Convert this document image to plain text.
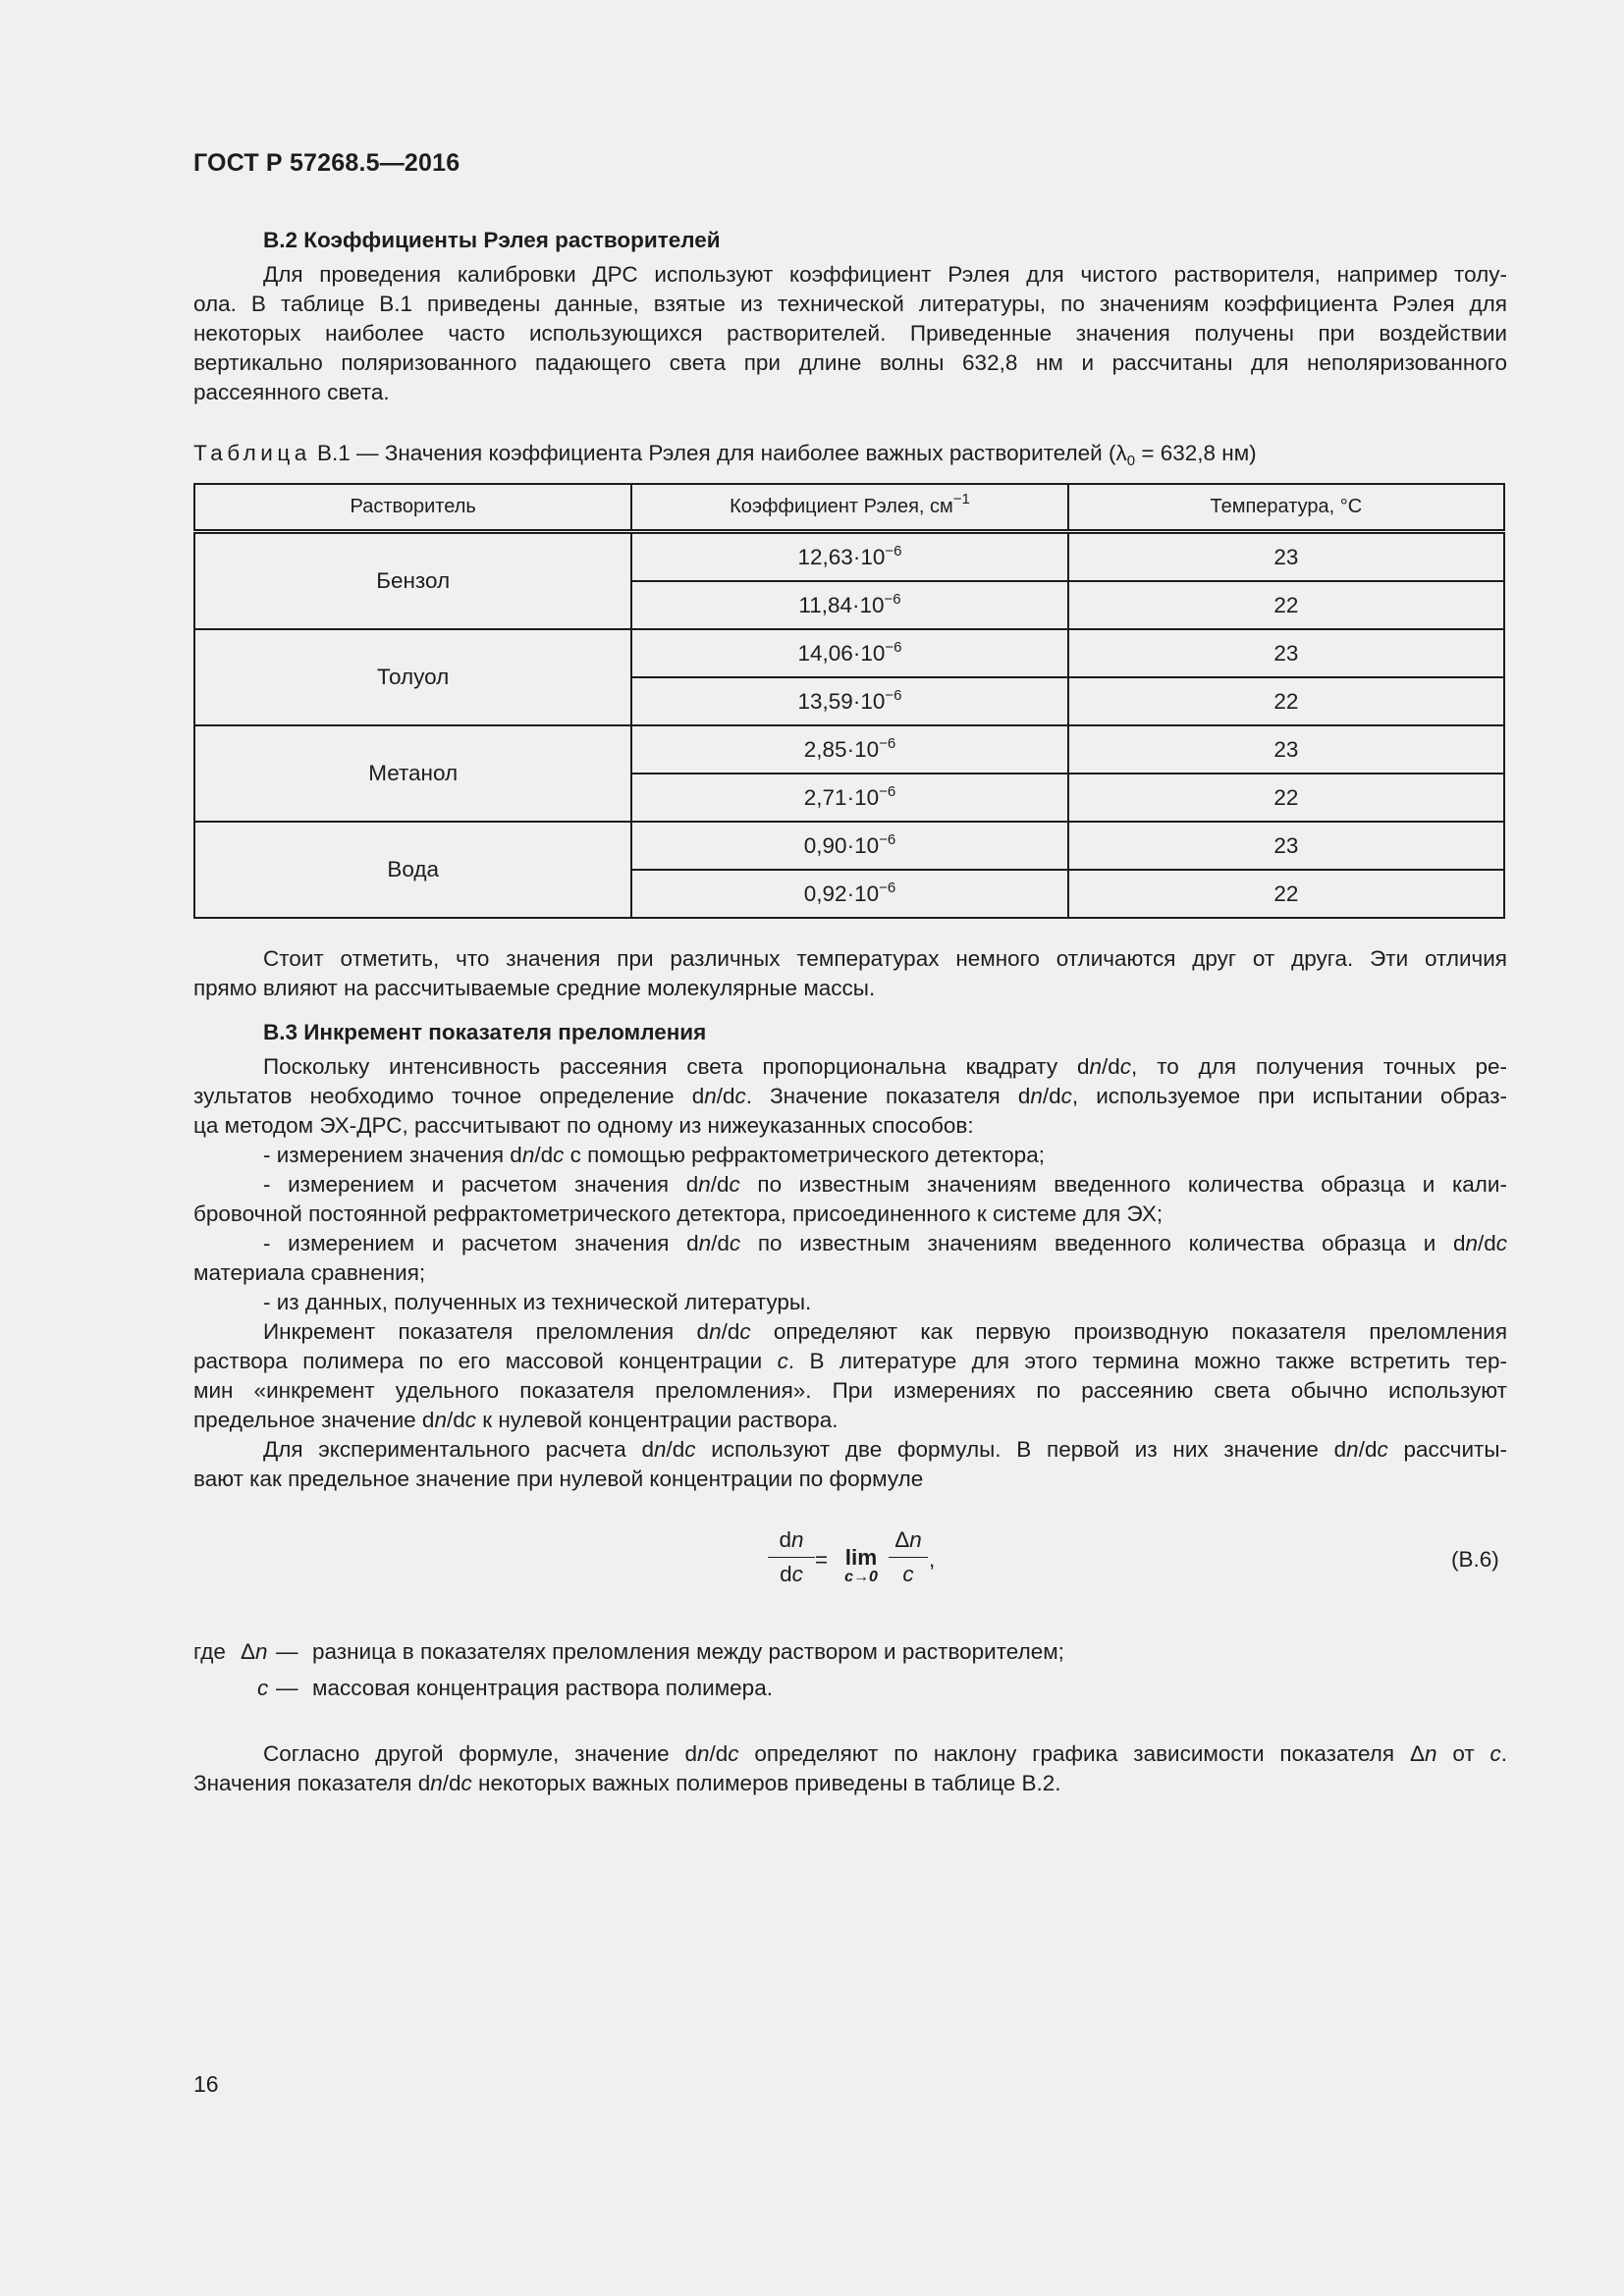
ГОСТ Р 57268.5—2016
В.2 Коэффициенты Рэлея растворителей
Для проведения калибровки ДРС используют коэффициент Рэлея для чистого растворителя, например толу-
ола. В таблице В.1 приведены данные, взятые из технической литературы, по значениям коэффициента Рэлея для
некоторых наиболее часто использующихся растворителей. Приведенные значения получены при воздействии
вертикально поляризованного падающего света при длине волны 632,8 нм и рассчитаны для неполяризованного
рассеянного света.
Таблица В.1 — Значения коэффициента Рэлея для наиболее важных растворителей ($\lambda_0 = 632,8$ нм)
Растворитель	Коэффициент Рэлея, $см^{-1}$	Температура, °С
Бензол	$12,63\cdot 10^{-6}$	23
	$11,84\cdot 10^{-6}$	22
Толуол	$14,06\cdot 10^{-6}$	23
	$13,59\cdot 10^{-6}$	22
Метанол	$2,85\cdot 10^{-6}$	23
	$2,71\cdot 10^{-6}$	22
Вода	$0,90\cdot 10^{-6}$	23
	$0,92\cdot 10^{-6}$	22
Стоит отметить, что значения при различных температурах немного отличаются друг от друга. Эти отличия
прямо влияют на рассчитываемые средние молекулярные массы.
В.3 Инкремент показателя преломления
Поскольку интенсивность рассеяния света пропорциональна квадрату dn/dc, то для получения точных ре-
зультатов необходимо точное определение dn/dc. Значение показателя dn/dc, используемое при испытании образ-
ца методом ЭХ-ДРС, рассчитывают по одному из нижеуказанных способов:
- измерением значения dn/dc с помощью рефрактометрического детектора;
- измерением и расчетом значения dn/dc по известным значениям введенного количества образца и кали-
бровочной постоянной рефрактометрического детектора, присоединенного к системе для ЭХ;
- измерением и расчетом значения dn/dc по известным значениям введенного количества образца и dn/dc
материала сравнения;
- из данных, полученных из технической литературы.
Инкремент показателя преломления dn/dc определяют как первую производную показателя преломления
раствора полимера по его массовой концентрации c. В литературе для этого термина можно также встретить тер-
мин «инкремент удельного показателя преломления». При измерениях по рассеянию света обычно используют
предельное значение dn/dc к нулевой концентрации раствора.
Для экспериментального расчета dn/dc используют две формулы. В первой из них значение dn/dc рассчиты-
вают как предельное значение при нулевой концентрации по формуле
$\frac{dn}{dc} = \lim$
$c\to 0 \frac{\Delta n}{c}$ ,	(В.6)
где Δn — разница в показателях преломления между раствором и растворителем;
c — массовая концентрация раствора полимера.
Согласно другой формуле, значение dn/dc определяют по наклону графика зависимости показателя Δn от c.
Значения показателя dn/dc некоторых важных полимеров приведены в таблице В.2.
16
